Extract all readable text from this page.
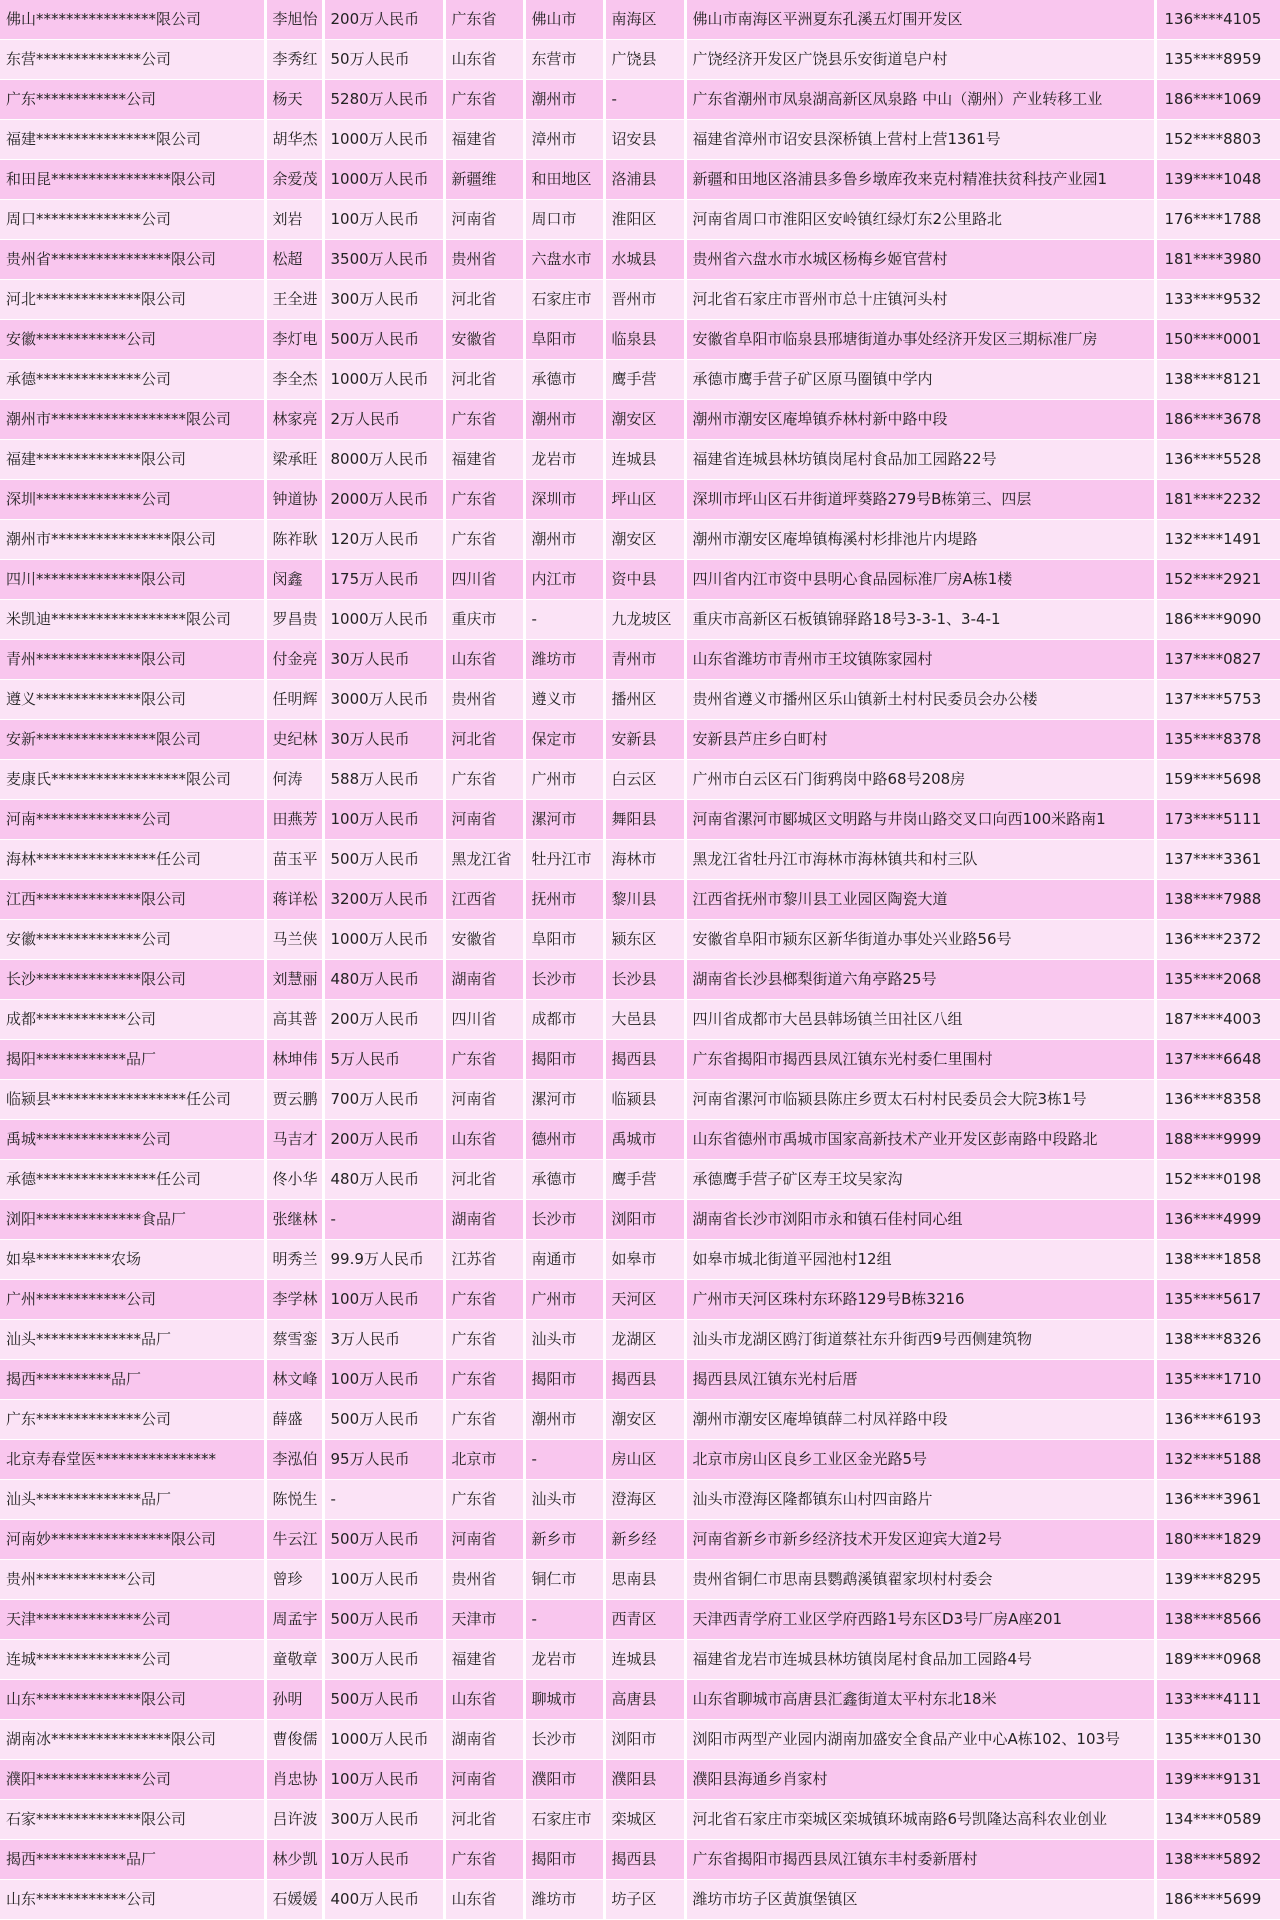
佛山****************限公司	李旭怡	200万人民币	广东省	佛山市	南海区	佛山市南海区平洲夏东孔溪五灯围开发区	136****4105
东营**************公司	李秀红	50万人民币	山东省	东营市	广饶县	广饶经济开发区广饶县乐安街道皂户村	135****8959
广东************公司	杨天	5280万人民币	广东省	潮州市	-	广东省潮州市凤泉湖高新区凤泉路 中山（潮州）产业转移工业	186****1069
福建****************限公司	胡华杰	1000万人民币	福建省	漳州市	诏安县	福建省漳州市诏安县深桥镇上营村上营1361号	152****8803
和田昆****************限公司	余爱茂	1000万人民币	新疆维	和田地区	洛浦县	新疆和田地区洛浦县多鲁乡墩库孜来克村精准扶贫科技产业园1	139****1048
周口**************公司	刘岩	100万人民币	河南省	周口市	淮阳区	河南省周口市淮阳区安岭镇红绿灯东2公里路北	176****1788
贵州省****************限公司	松超	3500万人民币	贵州省	六盘水市	水城县	贵州省六盘水市水城区杨梅乡姬官营村	181****3980
河北**************限公司	王全进	300万人民币	河北省	石家庄市	晋州市	河北省石家庄市晋州市总十庄镇河头村	133****9532
安徽************公司	李灯电	500万人民币	安徽省	阜阳市	临泉县	安徽省阜阳市临泉县邢塘街道办事处经济开发区三期标准厂房	150****0001
承德**************公司	李全杰	1000万人民币	河北省	承德市	鹰手营	承德市鹰手营子矿区原马圈镇中学内	138****8121
潮州市******************限公司	林家亮	2万人民币	广东省	潮州市	潮安区	潮州市潮安区庵埠镇乔林村新中路中段	186****3678
福建**************限公司	梁承旺	8000万人民币	福建省	龙岩市	连城县	福建省连城县林坊镇岗尾村食品加工园路22号	136****5528
深圳**************公司	钟道协	2000万人民币	广东省	深圳市	坪山区	深圳市坪山区石井街道坪葵路279号B栋第三、四层	181****2232
潮州市****************限公司	陈祚耿	120万人民币	广东省	潮州市	潮安区	潮州市潮安区庵埠镇梅溪村杉排池片内堤路	132****1491
四川**************限公司	闵鑫	175万人民币	四川省	内江市	资中县	四川省内江市资中县明心食品园标准厂房A栋1楼	152****2921
米凯迪******************限公司	罗昌贵	1000万人民币	重庆市	-	九龙坡区	重庆市高新区石板镇锦驿路18号3-3-1、3-4-1	186****9090
青州**************限公司	付金亮	30万人民币	山东省	潍坊市	青州市	山东省潍坊市青州市王坟镇陈家园村	137****0827
遵义**************限公司	任明辉	3000万人民币	贵州省	遵义市	播州区	贵州省遵义市播州区乐山镇新土村村民委员会办公楼	137****5753
安新****************限公司	史纪林	30万人民币	河北省	保定市	安新县	安新县芦庄乡白町村	135****8378
麦康氏******************限公司	何涛	588万人民币	广东省	广州市	白云区	广州市白云区石门街鸦岗中路68号208房	159****5698
河南**************公司	田燕芳	100万人民币	河南省	漯河市	舞阳县	河南省漯河市郾城区文明路与井岗山路交叉口向西100米路南1	173****5111
海林****************任公司	苗玉平	500万人民币	黑龙江省	牡丹江市	海林市	黑龙江省牡丹江市海林市海林镇共和村三队	137****3361
江西**************限公司	蒋详松	3200万人民币	江西省	抚州市	黎川县	江西省抚州市黎川县工业园区陶瓷大道	138****7988
安徽**************公司	马兰侠	1000万人民币	安徽省	阜阳市	颍东区	安徽省阜阳市颍东区新华街道办事处兴业路56号	136****2372
长沙**************限公司	刘慧丽	480万人民币	湖南省	长沙市	长沙县	湖南省长沙县榔梨街道六角亭路25号	135****2068
成都************公司	高其普	200万人民币	四川省	成都市	大邑县	四川省成都市大邑县韩场镇兰田社区八组	187****4003
揭阳************品厂	林坤伟	5万人民币	广东省	揭阳市	揭西县	广东省揭阳市揭西县凤江镇东光村委仁里围村	137****6648
临颍县******************任公司	贾云鹏	700万人民币	河南省	漯河市	临颍县	河南省漯河市临颍县陈庄乡贾太石村村民委员会大院3栋1号	136****8358
禹城**************公司	马吉才	200万人民币	山东省	德州市	禹城市	山东省德州市禹城市国家高新技术产业开发区彭南路中段路北	188****9999
承德****************任公司	佟小华	480万人民币	河北省	承德市	鹰手营	承德鹰手营子矿区寿王坟吴家沟	152****0198
浏阳**************食品厂	张继林	-	湖南省	长沙市	浏阳市	湖南省长沙市浏阳市永和镇石佳村同心组	136****4999
如皋**********农场	明秀兰	99.9万人民币	江苏省	南通市	如皋市	如皋市城北街道平园池村12组	138****1858
广州************公司	李学林	100万人民币	广东省	广州市	天河区	广州市天河区珠村东环路129号B栋3216	135****5617
汕头**************品厂	蔡雪銮	3万人民币	广东省	汕头市	龙湖区	汕头市龙湖区鸥汀街道蔡社东升街西9号西侧建筑物	138****8326
揭西**********品厂	林文峰	100万人民币	广东省	揭阳市	揭西县	揭西县凤江镇东光村后厝	135****1710
广东**************公司	薛盛	500万人民币	广东省	潮州市	潮安区	潮州市潮安区庵埠镇薛二村凤祥路中段	136****6193
北京寿春堂医****************	李泓伯	95万人民币	北京市	-	房山区	北京市房山区良乡工业区金光路5号	132****5188
汕头**************品厂	陈悦生	-	广东省	汕头市	澄海区	汕头市澄海区隆都镇东山村四亩路片	136****3961
河南妙****************限公司	牛云江	500万人民币	河南省	新乡市	新乡经	河南省新乡市新乡经济技术开发区迎宾大道2号	180****1829
贵州************公司	曾珍	100万人民币	贵州省	铜仁市	思南县	贵州省铜仁市思南县鹦鹉溪镇翟家坝村村委会	139****8295
天津**************公司	周孟宇	500万人民币	天津市	-	西青区	天津西青学府工业区学府西路1号东区D3号厂房A座201	138****8566
连城**************公司	童敬章	300万人民币	福建省	龙岩市	连城县	福建省龙岩市连城县林坊镇岗尾村食品加工园路4号	189****0968
山东**************限公司	孙明	500万人民币	山东省	聊城市	高唐县	山东省聊城市高唐县汇鑫街道太平村东北18米	133****4111
湖南冰****************限公司	曹俊儒	1000万人民币	湖南省	长沙市	浏阳市	浏阳市两型产业园内湖南加盛安全食品产业中心A栋102、103号	135****0130
濮阳**************公司	肖忠协	100万人民币	河南省	濮阳市	濮阳县	濮阳县海通乡肖家村	139****9131
石家**************限公司	吕许波	300万人民币	河北省	石家庄市	栾城区	河北省石家庄市栾城区栾城镇环城南路6号凯隆达高科农业创业	134****0589
揭西************品厂	林少凯	10万人民币	广东省	揭阳市	揭西县	广东省揭阳市揭西县凤江镇东丰村委新厝村	138****5892
山东************公司	石媛媛	400万人民币	山东省	潍坊市	坊子区	潍坊市坊子区黄旗堡镇区	186****5699
